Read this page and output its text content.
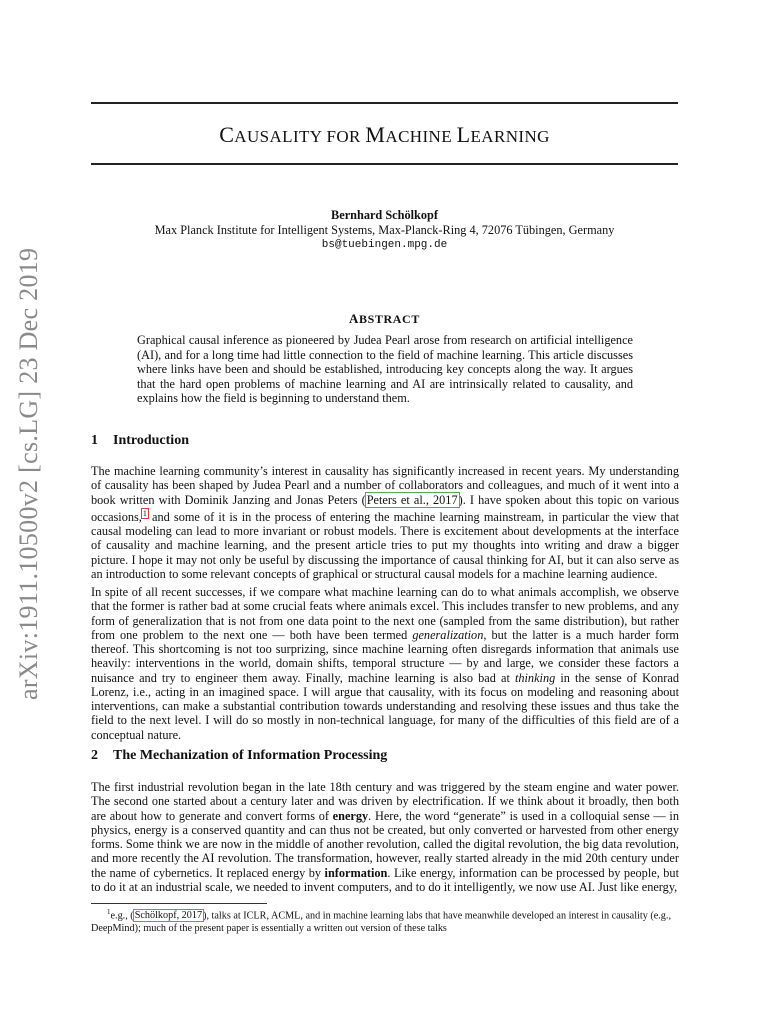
arXiv:1911.10500v2 [cs.LG] 23 Dec 2019
CAUSALITY FOR MACHINE LEARNING
Bernhard Schölkopf
Max Planck Institute for Intelligent Systems, Max-Planck-Ring 4, 72076 Tübingen, Germany
bs@tuebingen.mpg.de
ABSTRACT

Graphical causal inference as pioneered by Judea Pearl arose from research on artificial intelligence (AI), and for a long time had little connection to the field of machine learning. This article discusses where links have been and should be established, introducing key concepts along the way. It argues that the hard open problems of machine learning and AI are intrinsically related to causality, and explains how the field is beginning to understand them.

1 Introduction

The machine learning community’s interest in causality has significantly increased in recent years. My understanding of causality has been shaped by Judea Pearl and a number of collaborators and colleagues, and much of it went into a book written with Dominik Janzing and Jonas Peters (Peters et al., 2017). I have spoken about this topic on various occasions,$^1$ and some of it is in the process of entering the machine learning mainstream, in particular the view that causal modeling can lead to more invariant or robust models. There is excitement about developments at the interface of causality and machine learning, and the present article tries to put my thoughts into writing and draw a bigger picture. I hope it may not only be useful by discussing the importance of causal thinking for AI, but it can also serve as an introduction to some relevant concepts of graphical or structural causal models for a machine learning audience.

In spite of all recent successes, if we compare what machine learning can do to what animals accomplish, we observe that the former is rather bad at some crucial feats where animals excel. This includes transfer to new problems, and any form of generalization that is not from one data point to the next one (sampled from the same distribution), but rather from one problem to the next one — both have been termed generalization, but the latter is a much harder form thereof. This shortcoming is not too surprizing, since machine learning often disregards information that animals use heavily: interventions in the world, domain shifts, temporal structure — by and large, we consider these factors a nuisance and try to engineer them away. Finally, machine learning is also bad at thinking in the sense of Konrad Lorenz, i.e., acting in an imagined space. I will argue that causality, with its focus on modeling and reasoning about interventions, can make a substantial contribution towards understanding and resolving these issues and thus take the field to the next level. I will do so mostly in non-technical language, for many of the difficulties of this field are of a conceptual nature.

2 The Mechanization of Information Processing

The first industrial revolution began in the late 18th century and was triggered by the steam engine and water power. The second one started about a century later and was driven by electrification. If we think about it broadly, then both are about how to generate and convert forms of energy. Here, the word “generate” is used in a colloquial sense — in physics, energy is a conserved quantity and can thus not be created, but only converted or harvested from other energy forms. Some think we are now in the middle of another revolution, called the digital revolution, the big data revolution, and more recently the AI revolution. The transformation, however, really started already in the mid 20th century under the name of cybernetics. It replaced energy by information. Like energy, information can be processed by people, but to do it at an industrial scale, we needed to invent computers, and to do it intelligently, we now use AI. Just like energy,

$^1$e.g., (Schölkopf, 2017), talks at ICLR, ACML, and in machine learning labs that have meanwhile developed an interest in causality (e.g., DeepMind); much of the present paper is essentially a written out version of these talks
